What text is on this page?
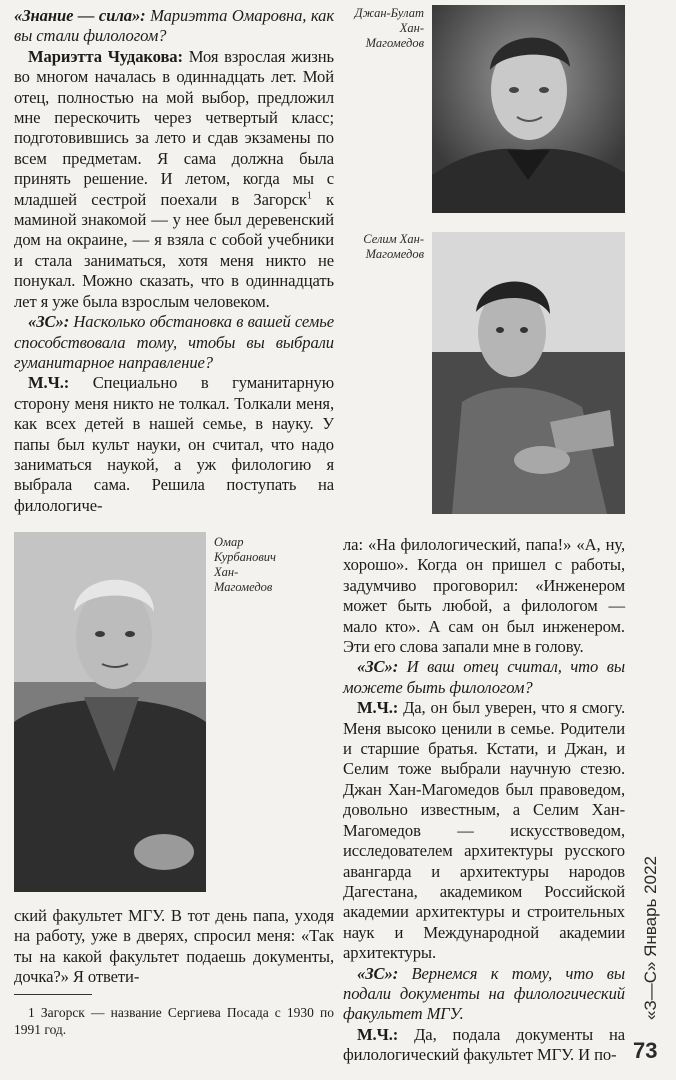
«Знание — сила»: Мариэтта Омаровна, как вы стали филологом?

Мариэтта Чудакова: Моя взрослая жизнь во многом началась в одиннадцать лет. Мой отец, полностью на мой выбор, предложил мне перескочить через четвертый класс; подготовившись за лето и сдав экзамены по всем предметам. Я сама должна была принять решение. И летом, когда мы с младшей сестрой поехали в Загорск$^1$ к маминой знакомой — у нее был деревенский дом на окраине, — я взяла с собой учебники и стала заниматься, хотя меня никто не понукал. Можно сказать, что в одиннадцать лет я уже была взрослым человеком.

«ЗС»: Насколько обстановка в вашей семье способствовала тому, чтобы вы выбрали гуманитарное направление?

М.Ч.: Специально в гуманитарную сторону меня никто не толкал. Толкали меня, как всех детей в нашей семье, в науку. У папы был культ науки, он считал, что надо заниматься наукой, а уж филологию я выбрала сама. Решила поступать на филологиче-

Джан-Булат Хан-Магомедов
Селим Хан-Магомедов
Омар Курбанович Хан-Магомедов

ла: «На филологический, папа!» «А, ну, хорошо». Когда он пришел с работы, задумчиво проговорил: «Инженером может быть любой, а филологом — мало кто». А сам он был инженером. Эти его слова запали мне в голову.

«ЗС»: И ваш отец считал, что вы можете быть филологом?

М.Ч.: Да, он был уверен, что я смогу. Меня высоко ценили в семье. Родители и старшие братья. Кстати, и Джан, и Селим тоже выбрали научную стезю. Джан Хан-Магомедов был правоведом, довольно известным, а Селим Хан-Магомедов — искусствоведом, исследователем архитектуры русского авангарда и архитектуры народов Дагестана, академиком Российской академии архитектуры и строительных наук и Международной академии архитектуры.

«ЗС»: Вернемся к тому, что вы подали документы на филологический факультет МГУ.

М.Ч.: Да, подала документы на филологический факультет МГУ. И по-

ский факультет МГУ. В тот день папа, уходя на работу, уже в дверях, спросил меня: «Так ты на какой факультет подаешь документы, дочка?» Я ответи-

1 Загорск — название Сергиева Посада с 1930 по 1991 год.
«З—С» Январь 2022
73
